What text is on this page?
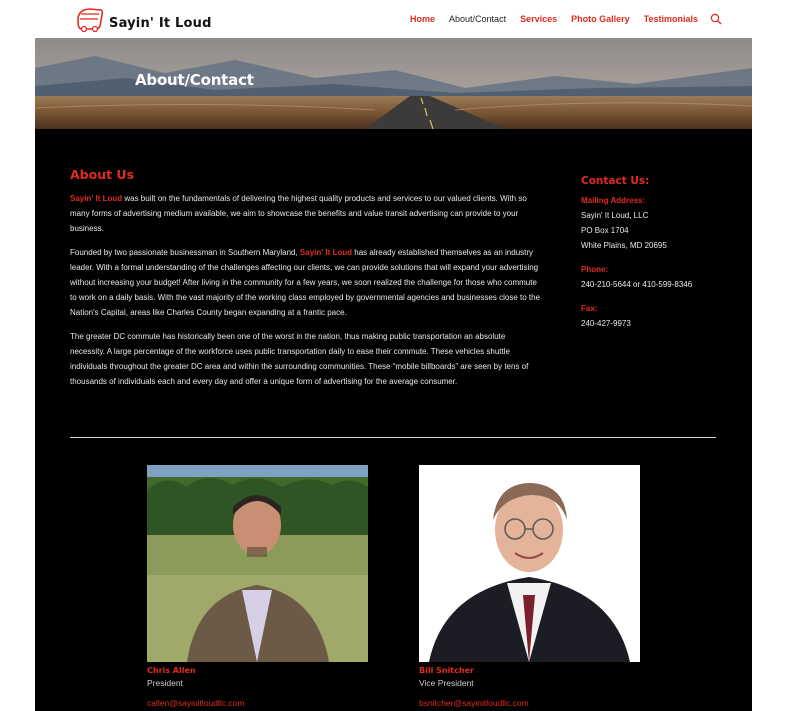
Sayin' It Loud	Home About/Contact Services Photo Gallery Testimonials
About/Contact
About Us

Sayin' It Loud was built on the fundamentals of delivering the highest quality products and services to our valued clients. With so many forms of advertising medium available, we aim to showcase the benefits and value transit advertising can provide to your business.

Founded by two passionate businessman in Southern Maryland, Sayin' It Loud has already established themselves as an industry leader. With a formal understanding of the challenges affecting our clients, we can provide solutions that will expand your advertising without increasing your budget! After living in the community for a few years, we soon realized the challenge for those who commute to work on a daily basis. With the vast majority of the working class employed by governmental agencies and businesses close to the Nation's Capital, areas like Charles County began expanding at a frantic pace.

The greater DC commute has historically been one of the worst in the nation, thus making public transportation an absolute necessity. A large percentage of the workforce uses public transportation daily to ease their commute. These vehicles shuttle individuals throughout the greater DC area and within the surrounding communities. These “mobile billboards” are seen by tens of thousands of individuals each and every day and offer a unique form of advertising for the average consumer.

Contact Us:
Mailing Address:
Sayin' It Loud, LLC
PO Box 1704
White Plains, MD 20695
Phone:
240-210-5644 or 410-599-8346
Fax:
240-427-9973
Chris Allen
President
callen@sayinitloudllc.com
Bill Snitcher
Vice President
bsnitcher@sayinitloudllc.com
